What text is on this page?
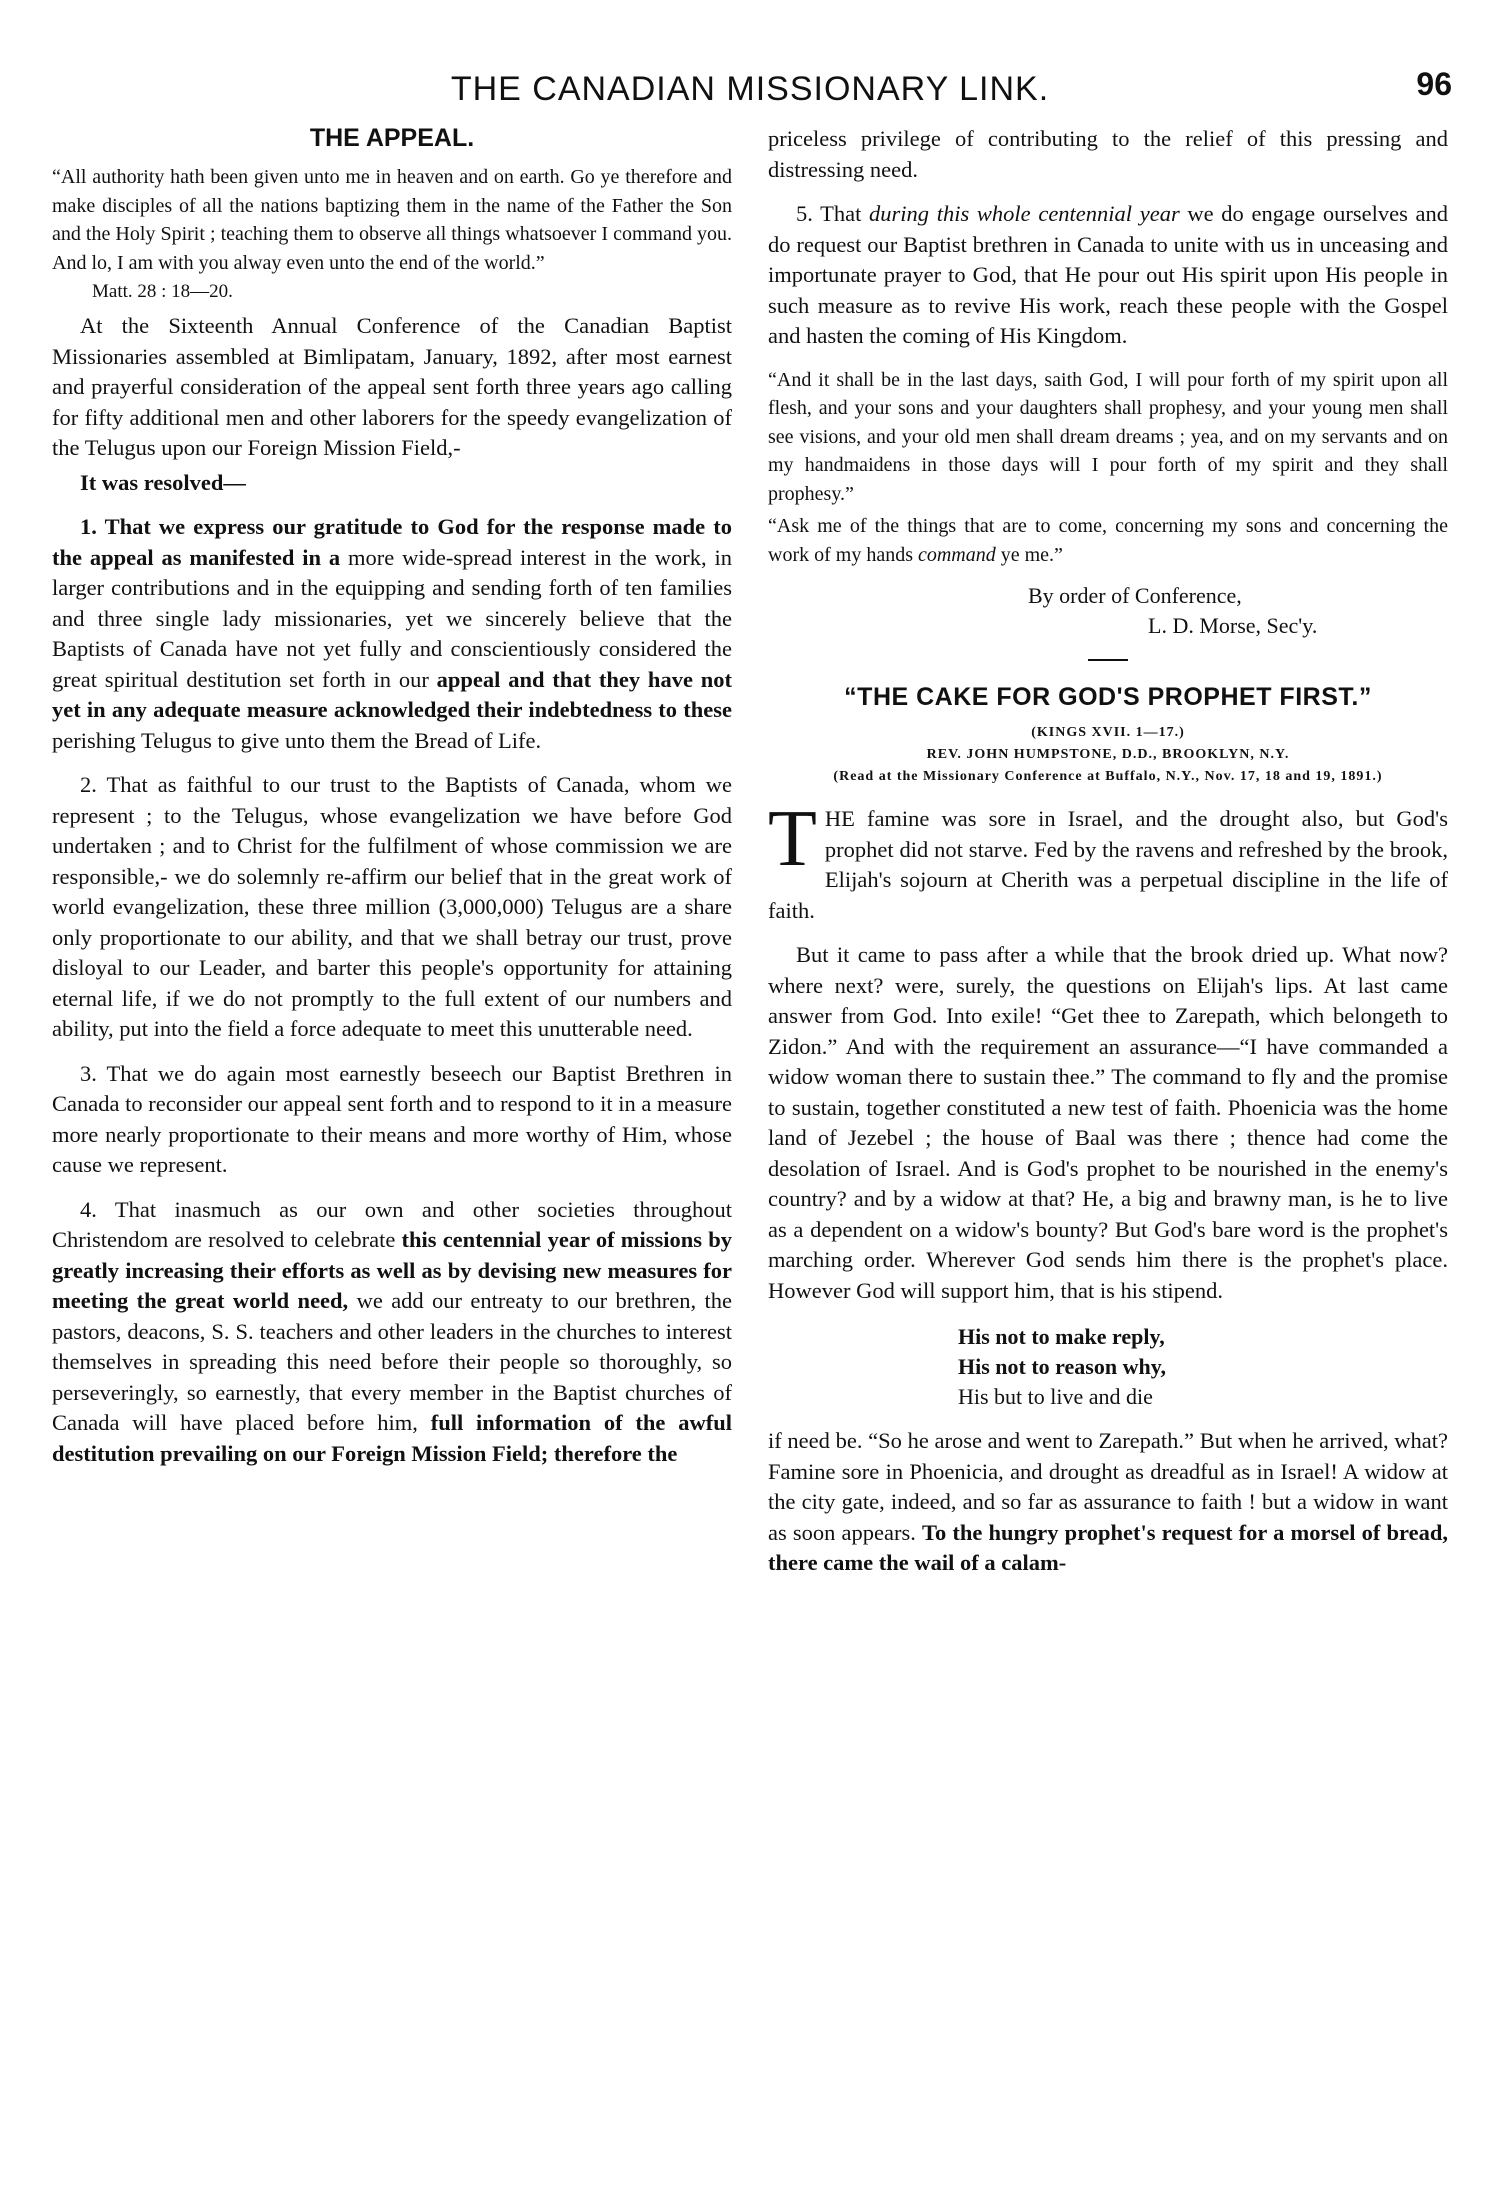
THE CANADIAN MISSIONARY LINK.	96
THE APPEAL.

“All authority hath been given unto me in heaven and on earth. Go ye therefore and make disciples of all the nations baptizing them in the name of the Father the Son and the Holy Spirit ; teaching them to observe all things whatsoever I command you. And lo, I am with you alway even unto the end of the world.”

Matt. 28 : 18—20.

At the Sixteenth Annual Conference of the Canadian Baptist Missionaries assembled at Bimlipatam, January, 1892, after most earnest and prayerful consideration of the appeal sent forth three years ago calling for fifty additional men and other laborers for the speedy evangelization of the Telugus upon our Foreign Mission Field,-

It was resolved—

1. That we express our gratitude to God for the response made to the appeal as manifested in a more wide-spread interest in the work, in larger contributions and in the equipping and sending forth of ten families and three single lady missionaries, yet we sincerely believe that the Baptists of Canada have not yet fully and conscientiously considered the great spiritual destitution set forth in our appeal and that they have not yet in any adequate measure acknowledged their indebtedness to these perishing Telugus to give unto them the Bread of Life.

2. That as faithful to our trust to the Baptists of Canada, whom we represent ; to the Telugus, whose evangelization we have before God undertaken ; and to Christ for the fulfilment of whose commission we are responsible,- we do solemnly re-affirm our belief that in the great work of world evangelization, these three million (3,000,000) Telugus are a share only proportionate to our ability, and that we shall betray our trust, prove disloyal to our Leader, and barter this people's opportunity for attaining eternal life, if we do not promptly to the full extent of our numbers and ability, put into the field a force adequate to meet this unutterable need.

3. That we do again most earnestly beseech our Baptist Brethren in Canada to reconsider our appeal sent forth and to respond to it in a measure more nearly proportionate to their means and more worthy of Him, whose cause we represent.

4. That inasmuch as our own and other societies throughout Christendom are resolved to celebrate this centennial year of missions by greatly increasing their efforts as well as by devising new measures for meeting the great world need, we add our entreaty to our brethren, the pastors, deacons, S. S. teachers and other leaders in the churches to interest themselves in spreading this need before their people so thoroughly, so perseveringly, so earnestly, that every member in the Baptist churches of Canada will have placed before him, full information of the awful destitution prevailing on our Foreign Mission Field; therefore the

priceless privilege of contributing to the relief of this pressing and distressing need.

5. That during this whole centennial year we do engage ourselves and do request our Baptist brethren in Canada to unite with us in unceasing and importunate prayer to God, that He pour out His spirit upon His people in such measure as to revive His work, reach these people with the Gospel and hasten the coming of His Kingdom.

“And it shall be in the last days, saith God, I will pour forth of my spirit upon all flesh, and your sons and your daughters shall prophesy, and your young men shall see visions, and your old men shall dream dreams ; yea, and on my servants and on my handmaidens in those days will I pour forth of my spirit and they shall prophesy.”

“Ask me of the things that are to come, concerning my sons and concerning the work of my hands command ye me.”

By order of Conference,
L. D. Morse, Sec'y.
“THE CAKE FOR GOD'S PROPHET FIRST.”
(KINGS XVII. 1—17.)
REV. JOHN HUMPSTONE, D.D., BROOKLYN, N.Y.
(Read at the Missionary Conference at Buffalo, N.Y., Nov. 17, 18 and 19, 1891.)

THE famine was sore in Israel, and the drought also, but God's prophet did not starve. Fed by the ravens and refreshed by the brook, Elijah's sojourn at Cherith was a perpetual discipline in the life of faith.

But it came to pass after a while that the brook dried up. What now? where next? were, surely, the questions on Elijah's lips. At last came answer from God. Into exile! “Get thee to Zarepath, which belongeth to Zidon.” And with the requirement an assurance—“I have commanded a widow woman there to sustain thee.” The command to fly and the promise to sustain, together constituted a new test of faith. Phoenicia was the home land of Jezebel ; the house of Baal was there ; thence had come the desolation of Israel. And is God's prophet to be nourished in the enemy's country? and by a widow at that? He, a big and brawny man, is he to live as a dependent on a widow's bounty? But God's bare word is the prophet's marching order. Wherever God sends him there is the prophet's place. However God will support him, that is his stipend.

His not to make reply,
His not to reason why,
His but to live and die

if need be. “So he arose and went to Zarepath.” But when he arrived, what? Famine sore in Phoenicia, and drought as dreadful as in Israel! A widow at the city gate, indeed, and so far as assurance to faith ! but a widow in want as soon appears. To the hungry prophet's request for a morsel of bread, there came the wail of a calam-
